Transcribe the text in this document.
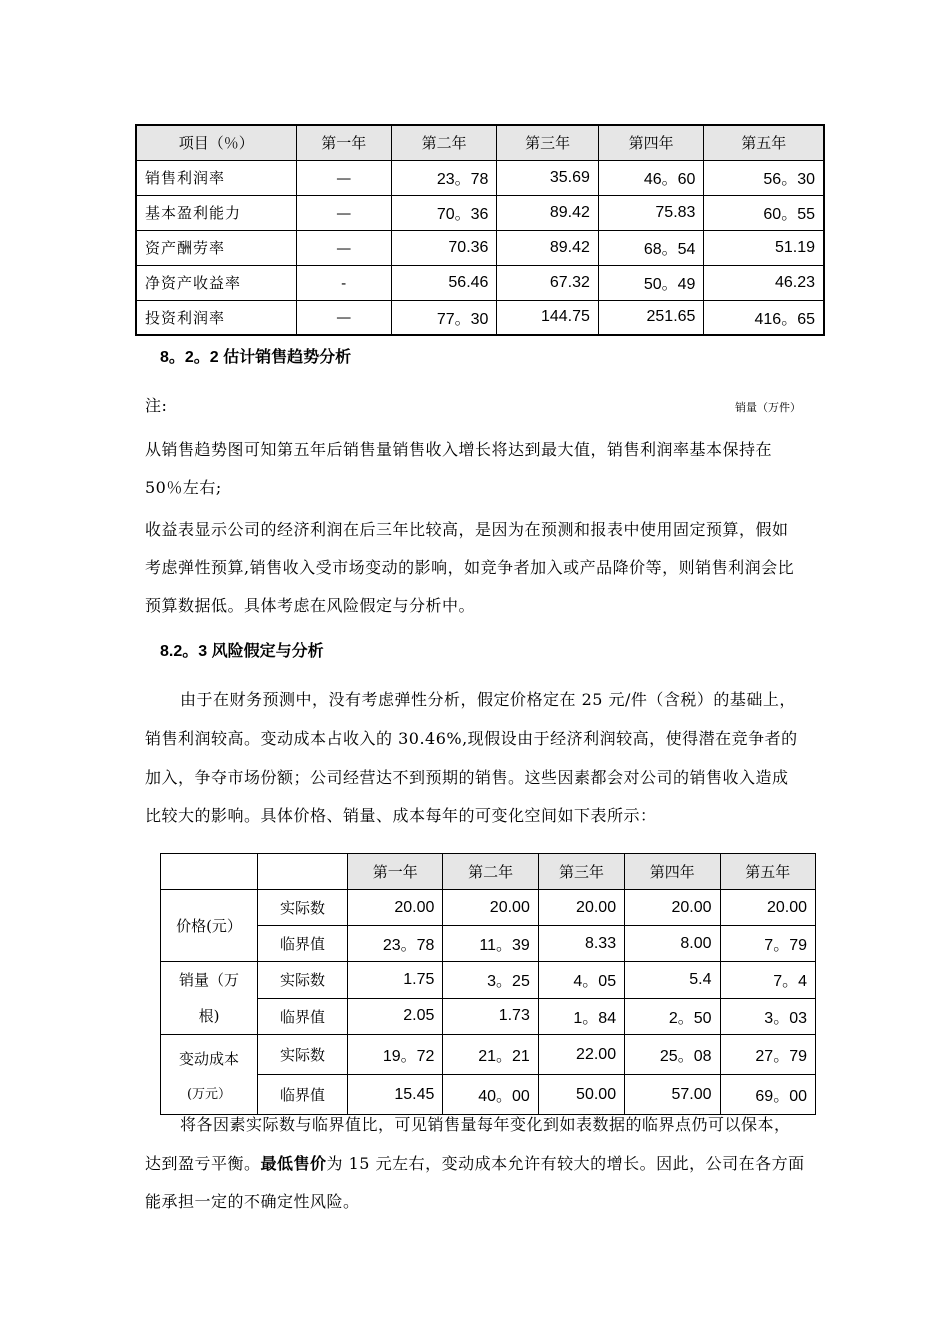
项目（％）	第一年	第二年	第三年	第四年	第五年
销售利润率	—	23。78	35.69	46。60	56。30
基本盈利能力	—	70。36	89.42	75.83	60。55
资产酬劳率	—	70.36	89.42	68。54	51.19
净资产收益率	-	56.46	67.32	50。49	46.23
投资利润率	—	77。30	144.75	251.65	416。65
8。2。2 估计销售趋势分析
注:	销量（万件）
从销售趋势图可知第五年后销售量销售收入增长将达到最大值，销售利润率基本保持在
50％左右;
收益表显示公司的经济利润在后三年比较高，是因为在预测和报表中使用固定预算，假如
考虑弹性预算,销售收入受市场变动的影响，如竞争者加入或产品降价等，则销售利润会比
预算数据低。具体考虑在风险假定与分析中。
8.2。3 风险假定与分析
由于在财务预测中，没有考虑弹性分析，假定价格定在 25 元/件（含税）的基础上，
销售利润较高。变动成本占收入的 30.46%,现假设由于经济利润较高，使得潜在竞争者的
加入，争夺市场份额；公司经营达不到预期的销售。这些因素都会对公司的销售收入造成
比较大的影响。具体价格、销量、成本每年的可变化空间如下表所示：
		第一年	第二年	第三年	第四年	第五年
价格(元）	实际数	20.00	20.00	20.00	20.00	20.00
	临界值	23。78	11。39	8.33	8.00	7。79

销量（万
根)	实际数	1.75	3。25	4。05	5.4	7。4
	临界值	2.05	1.73	1。84	2。50	3。03

变动成本
(万元）	实际数	19。72	21。21	22.00	25。08	27。79
	临界值	15.45	40。00	50.00	57.00	69。00
将各因素实际数与临界值比，可见销售量每年变化到如表数据的临界点仍可以保本，
达到盈亏平衡。最低售价为 15 元左右，变动成本允许有较大的增长。因此，公司在各方面
能承担一定的不确定性风险。
